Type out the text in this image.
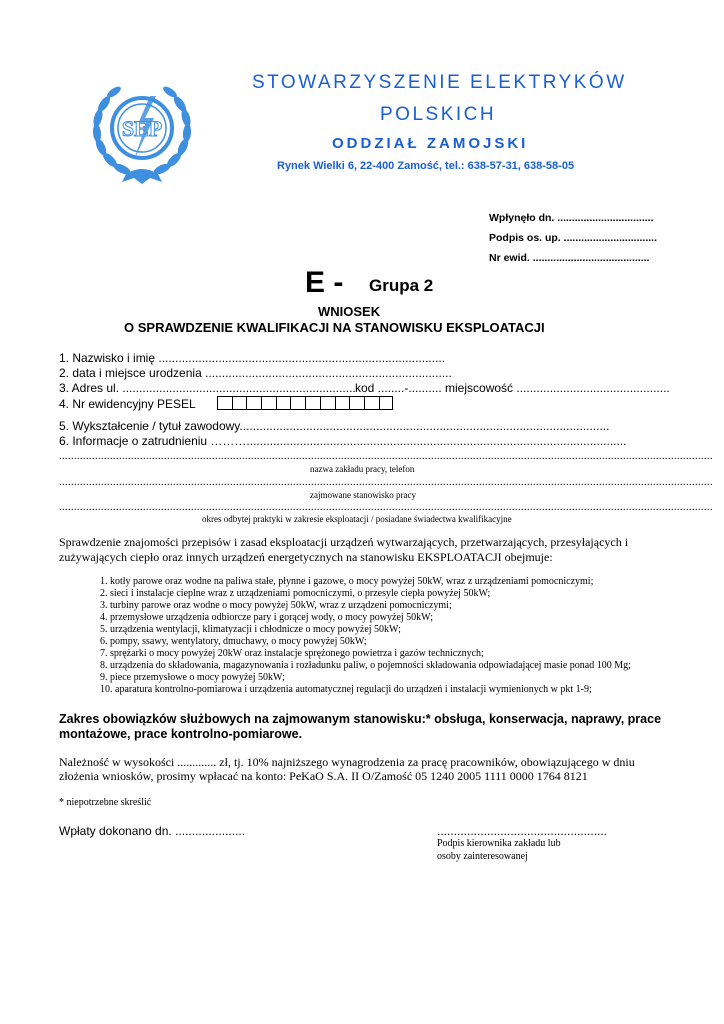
SEP
STOWARZYSZENIE ELEKTRYKÓW
POLSKICH
ODDZIAŁ ZAMOJSKI
Rynek Wielki 6, 22-400 Zamość, tel.: 638-57-31, 638-58-05
Wpłynęło dn. .................................
Podpis os. up. ................................
Nr ewid. ........................................
E - Grupa 2
WNIOSEK
O SPRAWDZENIE KWALIFIKACJI NA STANOWISKU EKSPLOATACJI
1. Nazwisko i imię ......................................................................................
2. data i miejsce urodzenia ..........................................................................
3. Adres ul. ...................................................................... kod ........-.......... miejscowość ..............................................
4. Nr ewidencyjny PESEL
5. Wykształcenie / tytuł zawodowy...............................................................................................................
6. Informacje o zatrudnieniu ………..................................................................................................................
..........................................................................................................................................................................................................................
nazwa zakładu pracy, telefon
..........................................................................................................................................................................................................................
zajmowane stanowisko pracy
..........................................................................................................................................................................................................................
okres odbytej praktyki w zakresie eksploatacji / posiadane świadectwa kwalifikacyjne
Sprawdzenie znajomości przepisów i zasad eksploatacji urządzeń wytwarzających, przetwarzających, przesyłających i
zużywających ciepło oraz innych urządzeń energetycznych na stanowisku EKSPLOATACJI obejmuje:
1. kotły parowe oraz wodne na paliwa stałe, płynne i gazowe, o mocy powyżej 50kW, wraz z urządzeniami pomocniczymi;
2. sieci i instalacje cieplne wraz z urządzeniami pomocniczymi, o przesyle ciepła powyżej 50kW;
3. turbiny parowe oraz wodne o mocy powyżej 50kW, wraz z urządzeni pomocniczymi;
4. przemysłowe urządzenia odbiorcze pary i gorącej wody, o mocy powyżej 50kW;
5. urządzenia wentylacji, klimatyzacji i chłodnicze o mocy powyżej 50kW;
6. pompy, ssawy, wentylatory, dmuchawy, o mocy powyżej 50kW;
7. sprężarki o mocy powyżej 20kW oraz instalacje sprężonego powietrza i gazów technicznych;
8. urządzenia do składowania, magazynowania i rozładunku paliw, o pojemności składowania odpowiadającej masie ponad 100 Mg;
9. piece przemysłowe o mocy powyżej 50kW;
10. aparatura kontrolno-pomiarowa i urządzenia automatycznej regulacji do urządzeń i instalacji wymienionych w pkt 1-9;
Zakres obowiązków służbowych na zajmowanym stanowisku:* obsługa, konserwacja, naprawy, prace
montażowe, prace kontrolno-pomiarowe.
Należność w wysokości ............. zł, tj. 10% najniższego wynagrodzenia za pracę pracowników, obowiązującego w dniu
złożenia wniosków, prosimy wpłacać na konto: PeKaO S.A. II O/Zamość 05 1240 2005 1111 0000 1764 8121
* niepotrzebne skreślić
Wpłaty dokonano dn. .....................	...................................................
Podpis kierownika zakładu lub
osoby zainteresowanej
